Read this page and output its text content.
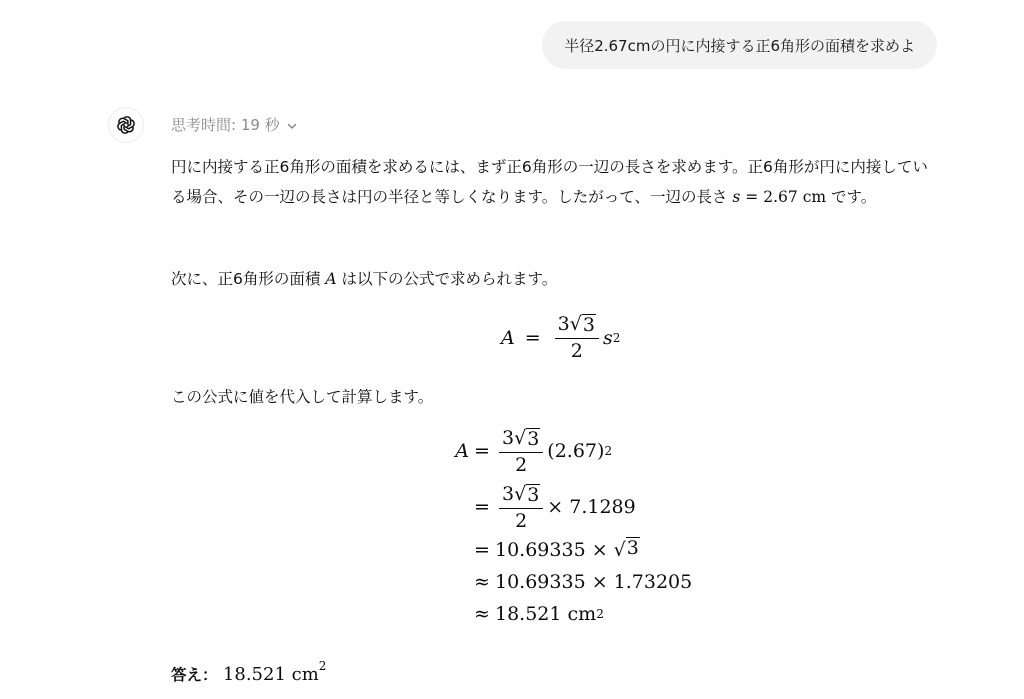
半径2.67cmの円に内接する正6角形の面積を求めよ
思考時間: 19 秒
円に内接する正6角形の面積を求めるには、まず正6角形の一辺の長さを求めます。正6角形が円に内接している場合、その一辺の長さは円の半径と等しくなります。したがって、一辺の長さ s = 2.67 cm です。
次に、正6角形の面積 A は以下の公式で求められます。
$A = \frac{3√ 3}{2}$ s 2
この公式に値を代入して計算します。
$A = \frac{3√ 3}{2} (2.67)$ 2
= $\frac{3√ 3}{2} \times 7.1289$
= 10.69335 ×
√ 3
≈ 10.69335 × 1.73205
≈ 18.521
cm 2
答え： 18.521 $cm^2$
